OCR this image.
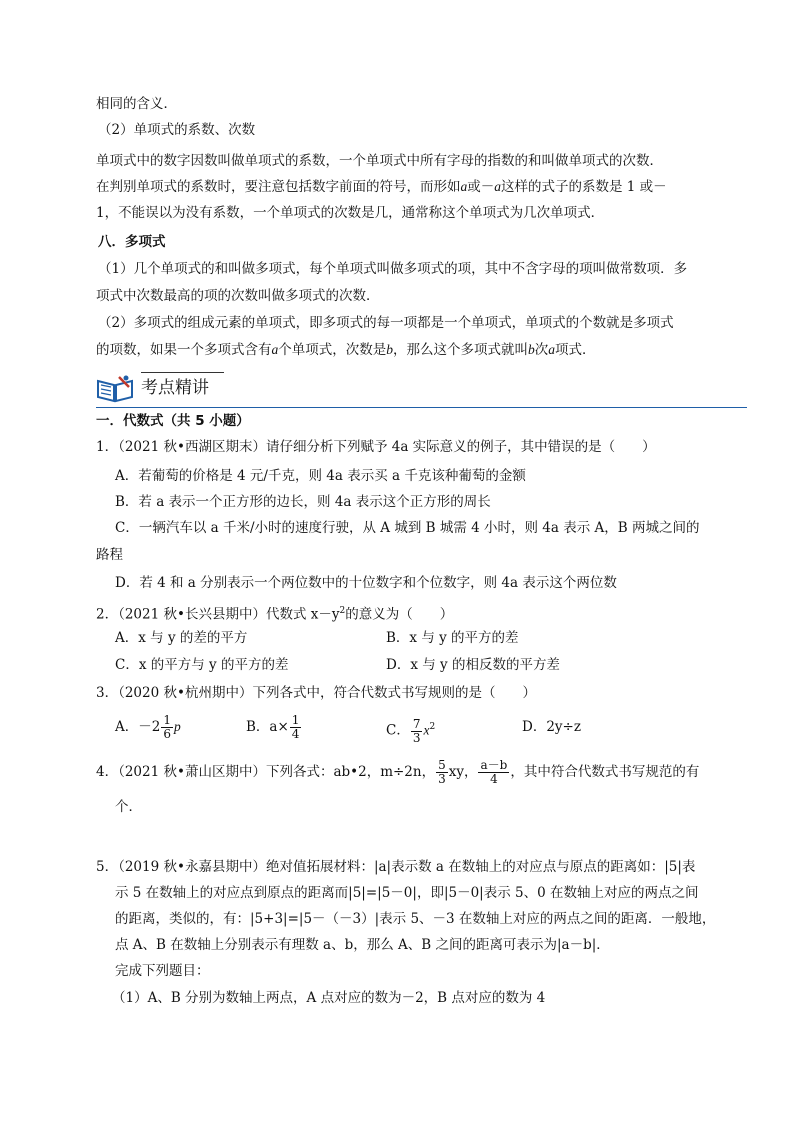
相同的含义．
（2）单项式的系数、次数
单项式中的数字因数叫做单项式的系数，一个单项式中所有字母的指数的和叫做单项式的次数．
在判别单项式的系数时，要注意包括数字前面的符号，而形如a或－a这样的式子的系数是 1 或－
1，不能误以为没有系数，一个单项式的次数是几，通常称这个单项式为几次单项式．
八．多项式
（1）几个单项式的和叫做多项式，每个单项式叫做多项式的项，其中不含字母的项叫做常数项．多
项式中次数最高的项的次数叫做多项式的次数．
（2）多项式的组成元素的单项式，即多项式的每一项都是一个单项式，单项式的个数就是多项式
的项数，如果一个多项式含有a个单项式，次数是b，那么这个多项式就叫b次a项式．
考点精讲
一．代数式（共 5 小题）
1．（2021 秋•西湖区期末）请仔细分析下列赋予 4a 实际意义的例子，其中错误的是（　　）
A．若葡萄的价格是 4 元/千克，则 4a 表示买 a 千克该种葡萄的金额
B．若 a 表示一个正方形的边长，则 4a 表示这个正方形的周长
C．一辆汽车以 a 千米/小时的速度行驶，从 A 城到 B 城需 4 小时，则 4a 表示 A，B 两城之间的
路程
D．若 4 和 a 分别表示一个两位数中的十位数字和个位数字，则 4a 表示这个两位数
2．（2021 秋•长兴县期中）代数式 $x-y^2$的意义为（　　）
A．x 与 y 的差的平方	B．x 与 y 的平方的差
C．x 的平方与 y 的平方的差	D．x 与 y 的相反数的平方差
3．（2020 秋•杭州期中）下列各式中，符合代数式书写规则的是（　　）
A．$-2 \frac{1}{6}$ p	B．$a\times \frac{1}{4}$	C． $\frac{7}{3} x^2$	D．2y÷z
4．（2021 秋•萧山区期中）下列各式：ab•2，m÷2n， $\frac{5}{3}$ xy， $\frac{a-b}{4}$ ，其中符合代数式书写规范的有
个．
5．（2019 秋•永嘉县期中）绝对值拓展材料：|a|表示数 a 在数轴上的对应点与原点的距离如：|5|表
示 5 在数轴上的对应点到原点的距离而|5|=|5－0|，即|5－0|表示 5、0 在数轴上对应的两点之间
的距离，类似的，有：|5+3|=|5－（－3）|表示 5、－3 在数轴上对应的两点之间的距离．一般地，
点 A、B 在数轴上分别表示有理数 a、b，那么 A、B 之间的距离可表示为|a－b|．
完成下列题目：
（1）A、B 分别为数轴上两点，A 点对应的数为－2，B 点对应的数为 4
